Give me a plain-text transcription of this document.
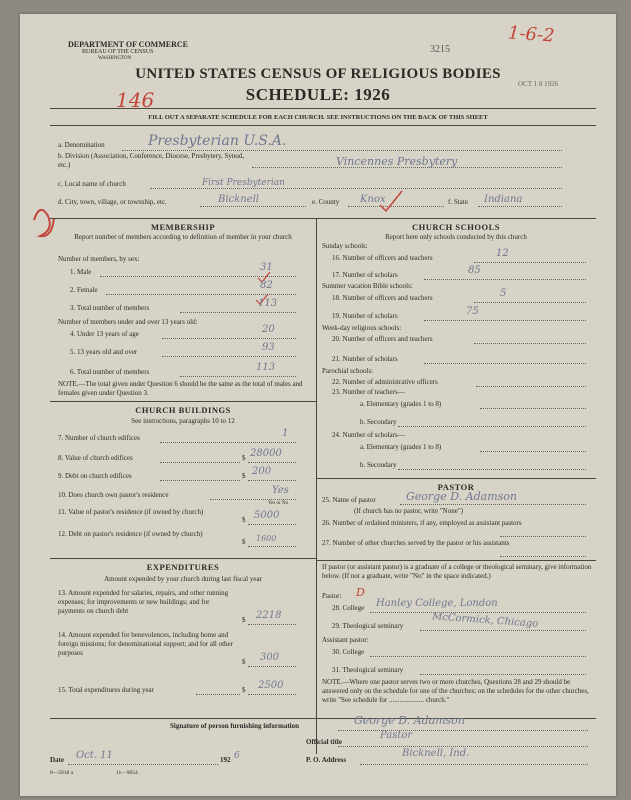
DEPARTMENT OF COMMERCE
BUREAU OF THE CENSUS
WASHINGTON
3215
1-6-2
OCT 1 8 1926
UNITED STATES CENSUS OF RELIGIOUS BODIES
SCHEDULE: 1926
146
FILL OUT A SEPARATE SCHEDULE FOR EACH CHURCH. SEE INSTRUCTIONS ON THE BACK OF THIS SHEET
a. Denomination	Presbyterian U.S.A.
b. Division (Association, Conference, Diocese, Presbytery, Synod, etc.)	Vincennes Presbytery
c. Local name of church	First Presbyterian
d. City, town, village, or township, etc.	Bicknell	e. County Knox	f. State Indiana
MEMBERSHIP
Report number of members according to definition of member in your church
Number of members, by sex:
1. Male	31
2. Female	82
3. Total number of members	113
Number of members under and over 13 years old:
4. Under 13 years of age	20
5. 13 years old and over	93
6. Total number of members	113
NOTE.—The total given under Question 6 should be the same as the total of males and females given under Question 3.
CHURCH BUILDINGS
See instructions, paragraphs 10 to 12
7. Number of church edifices	1
8. Value of church edifices	$ 28000
9. Debt on church edifices	$ 200
10. Does church own pastor's residence	Yes
Yes or No
11. Value of pastor's residence (if owned by church)
$ 5000
12. Debt on pastor's residence (if owned by church)
$ 1600
EXPENDITURES
Amount expended by your church during last fiscal year
13. Amount expended for salaries, repairs, and other running expenses; for improvements or new buildings; and for payments on church debt
$ 2218
14. Amount expended for benevolences, including home and foreign missions; for denominational support; and for all other purposes
$ 300
15. Total expenditures during year	$ 2500
CHURCH SCHOOLS
Report here only schools conducted by this church
Sunday schools:
16. Number of officers and teachers	12
17. Number of scholars	85
Summer vacation Bible schools:
18. Number of officers and teachers	5
19. Number of scholars	75
Week-day religious schools:
20. Number of officers and teachers
21. Number of scholars
Parochial schools:
22. Number of administrative officers
23. Number of teachers—
a. Elementary (grades 1 to 8)
b. Secondary
24. Number of scholars—
a. Elementary (grades 1 to 8)
b. Secondary
PASTOR
25. Name of pastor	George D. Adamson
(If church has no pastor, write "None")
26. Number of ordained ministers, if any, employed as assistant pastors
27. Number of other churches served by the pastor or his assistants
If pastor (or assistant pastor) is a graduate of a college or theological seminary, give information below. (If not a graduate, write "No" in the space indicated.)
Pastor: D
28. College Hanley College, London
29. Theological seminary	McCormick, Chicago
Assistant pastor:
30. College
31. Theological seminary
NOTE.—Where one pastor serves two or more churches, Questions 28 and 29 should be answered only on the schedule for one of the churches; on the schedules for the other churches, write "See schedule for .................... church."
Signature of person furnishing information	George D. Adamson
Official title
Pastor
Date Oct. 11	192 6	P. O. Address
Bicknell, Ind.
8—5818 a	11—9054
